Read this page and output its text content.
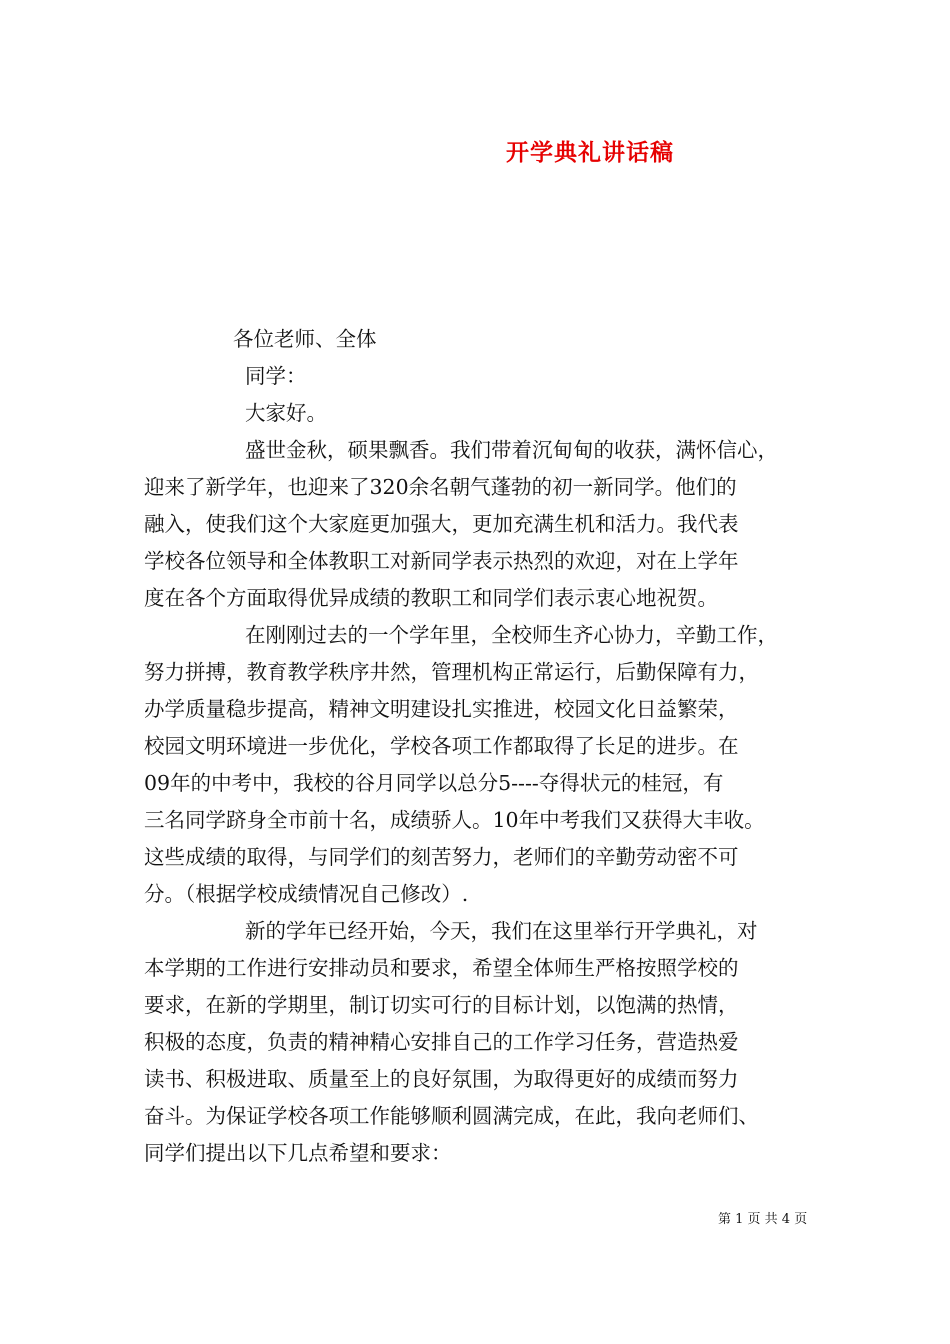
开学典礼讲话稿
各位老师、全体
同学：
大家好。
盛世金秋，硕果飘香。我们带着沉甸甸的收获，满怀信心，
迎来了新学年，也迎来了320余名朝气蓬勃的初一新同学。他们的
融入，使我们这个大家庭更加强大，更加充满生机和活力。我代表
学校各位领导和全体教职工对新同学表示热烈的欢迎，对在上学年
度在各个方面取得优异成绩的教职工和同学们表示衷心地祝贺。
在刚刚过去的一个学年里，全校师生齐心协力，辛勤工作，
努力拼搏，教育教学秩序井然，管理机构正常运行，后勤保障有力，
办学质量稳步提高，精神文明建设扎实推进，校园文化日益繁荣，
校园文明环境进一步优化，学校各项工作都取得了长足的进步。在
09年的中考中，我校的谷月同学以总分5----夺得状元的桂冠，有
三名同学跻身全市前十名，成绩骄人。10年中考我们又获得大丰收。
这些成绩的取得，与同学们的刻苦努力，老师们的辛勤劳动密不可
分。（根据学校成绩情况自己修改）.
新的学年已经开始，今天，我们在这里举行开学典礼，对
本学期的工作进行安排动员和要求，希望全体师生严格按照学校的
要求，在新的学期里，制订切实可行的目标计划，以饱满的热情，
积极的态度，负责的精神精心安排自己的工作学习任务，营造热爱
读书、积极进取、质量至上的良好氛围，为取得更好的成绩而努力
奋斗。为保证学校各项工作能够顺利圆满完成，在此，我向老师们、
同学们提出以下几点希望和要求：
第 1 页 共 4 页
